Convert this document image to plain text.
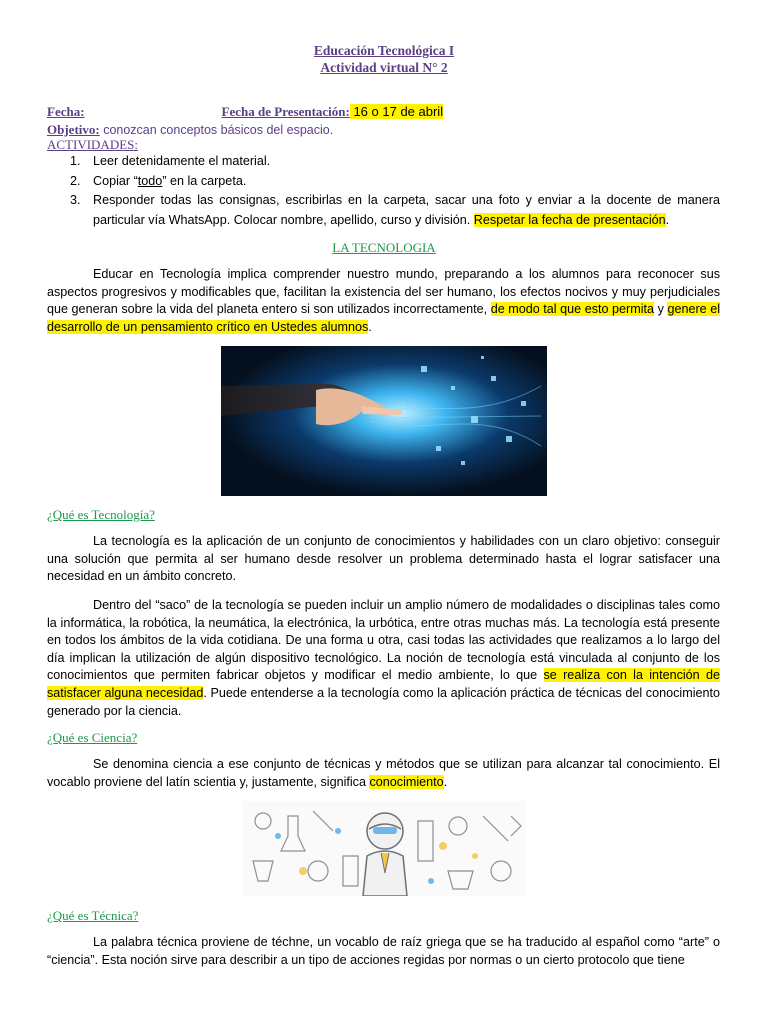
Educación Tecnológica I
Actividad virtual N° 2
Fecha:	Fecha de Presentación: 16 o 17 de abril
Objetivo: conozcan conceptos básicos del espacio.
ACTIVIDADES:
1. Leer detenidamente el material.
2. Copiar “todo” en la carpeta.
3. Responder todas las consignas, escribirlas en la carpeta, sacar una foto y enviar a la docente de manera particular vía WhatsApp. Colocar nombre, apellido, curso y división. Respetar la fecha de presentación.
LA TECNOLOGIA

Educar en Tecnología implica comprender nuestro mundo, preparando a los alumnos para reconocer sus aspectos progresivos y modificables que, facilitan la existencia del ser humano, los efectos nocivos y muy perjudiciales que generan sobre la vida del planeta entero si son utilizados incorrectamente, de modo tal que esto permita y genere el desarrollo de un pensamiento crítico en Ustedes alumnos.

¿Qué es Tecnología?

La tecnología es la aplicación de un conjunto de conocimientos y habilidades con un claro objetivo: conseguir una solución que permita al ser humano desde resolver un problema determinado hasta el lograr satisfacer una necesidad en un ámbito concreto.

Dentro del “saco” de la tecnología se pueden incluir un amplio número de modalidades o disciplinas tales como la informática, la robótica, la neumática, la electrónica, la urbótica, entre otras muchas más. La tecnología está presente en todos los ámbitos de la vida cotidiana. De una forma u otra, casi todas las actividades que realizamos a lo largo del día implican la utilización de algún dispositivo tecnológico. La noción de tecnología está vinculada al conjunto de los conocimientos que permiten fabricar objetos y modificar el medio ambiente, lo que se realiza con la intención de satisfacer alguna necesidad. Puede entenderse a la tecnología como la aplicación práctica de técnicas del conocimiento generado por la ciencia.

¿Qué es Ciencia?

Se denomina ciencia a ese conjunto de técnicas y métodos que se utilizan para alcanzar tal conocimiento. El vocablo proviene del latín scientia y, justamente, significa conocimiento.

¿Qué es Técnica?

La palabra técnica proviene de téchne, un vocablo de raíz griega que se ha traducido al español como “arte” o “ciencia”. Esta noción sirve para describir a un tipo de acciones regidas por normas o un cierto protocolo que tiene
